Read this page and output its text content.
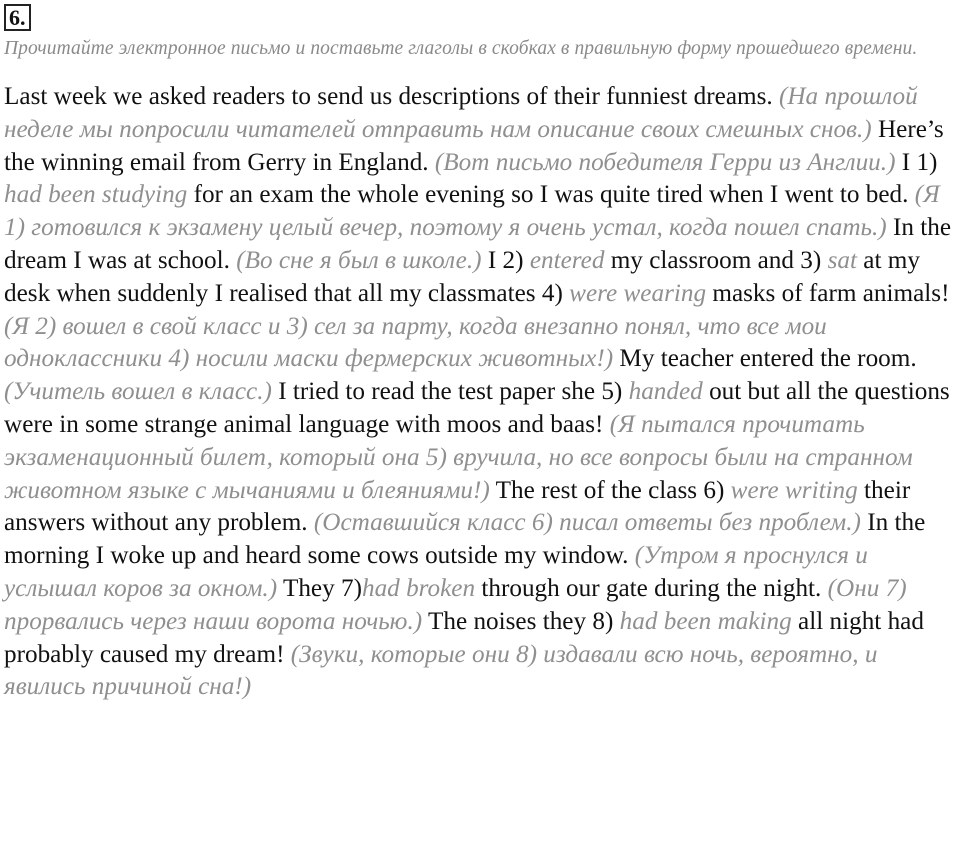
6.
Прочитайте электронное письмо и поставьте глаголы в скобках в правильную форму прошедшего времени.
Last week we asked readers to send us descriptions of their funniest dreams. (На прошлой неделе мы попросили читателей отправить нам описание своих смешных снов.) Here’s the winning email from Gerry in England. (Вот письмо победителя Герри из Англии.) I 1) had been studying for an exam the whole evening so I was quite tired when I went to bed. (Я 1) готовился к экзамену целый вечер, поэтому я очень устал, когда пошел спать.) In the dream I was at school. (Во сне я был в школе.) I 2) entered my classroom and 3) sat at my desk when suddenly I realised that all my classmates 4) were wearing masks of farm animals! (Я 2) вошел в свой класс и 3) сел за парту, когда внезапно понял, что все мои одноклассники 4) носили маски фермерских животных!) My teacher entered the room. (Учитель вошел в класс.) I tried to read the test paper she 5) handed out but all the questions were in some strange animal language with moos and baas! (Я пытался прочитать экзаменационный билет, который она 5) вручила, но все вопросы были на странном животном языке с мычаниями и блеяниями!) The rest of the class 6) were writing their answers without any problem. (Оставшийся класс 6) писал ответы без проблем.) In the morning I woke up and heard some cows outside my window. (Утром я проснулся и услышал коров за окном.) They 7)had broken through our gate during the night. (Они 7) прорвались через наши ворота ночью.) The noises they 8) had been making all night had probably caused my dream! (Звуки, которые они 8) издавали всю ночь, вероятно, и явились причиной сна!)
